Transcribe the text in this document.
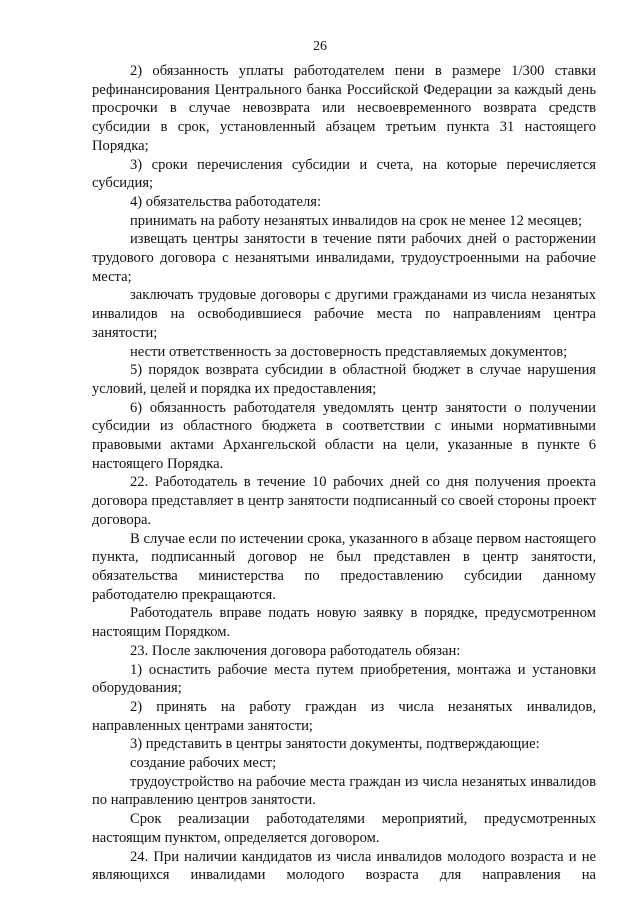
26

2) обязанность уплаты работодателем пени в размере 1/300 ставки рефинансирования Центрального банка Российской Федерации за каждый день просрочки в случае невозврата или несвоевременного возврата средств субсидии в срок, установленный абзацем третьим пункта 31 настоящего Порядка;

3) сроки перечисления субсидии и счета, на которые перечисляется субсидия;

4) обязательства работодателя:

принимать на работу незанятых инвалидов на срок не менее 12 месяцев;

извещать центры занятости в течение пяти рабочих дней о расторжении трудового договора с незанятыми инвалидами, трудоустроенными на рабочие места;

заключать трудовые договоры с другими гражданами из числа незанятых инвалидов на освободившиеся рабочие места по направлениям центра занятости;

нести ответственность за достоверность представляемых документов;

5) порядок возврата субсидии в областной бюджет в случае нарушения условий, целей и порядка их предоставления;

6) обязанность работодателя уведомлять центр занятости о получении субсидии из областного бюджета в соответствии с иными нормативными правовыми актами Архангельской области на цели, указанные в пункте 6 настоящего Порядка.

22. Работодатель в течение 10 рабочих дней со дня получения проекта договора представляет в центр занятости подписанный со своей стороны проект договора.

В случае если по истечении срока, указанного в абзаце первом настоящего пункта, подписанный договор не был представлен в центр занятости, обязательства министерства по предоставлению субсидии данному работодателю прекращаются.

Работодатель вправе подать новую заявку в порядке, предусмотренном настоящим Порядком.

23. После заключения договора работодатель обязан:

1) оснастить рабочие места путем приобретения, монтажа и установки оборудования;

2) принять на работу граждан из числа незанятых инвалидов, направленных центрами занятости;

3) представить в центры занятости документы, подтверждающие:

создание рабочих мест;

трудоустройство на рабочие места граждан из числа незанятых инвалидов по направлению центров занятости.

Срок реализации работодателями мероприятий, предусмотренных настоящим пунктом, определяется договором.

24. При наличии кандидатов из числа инвалидов молодого возраста и не являющихся инвалидами молодого возраста для направления на
